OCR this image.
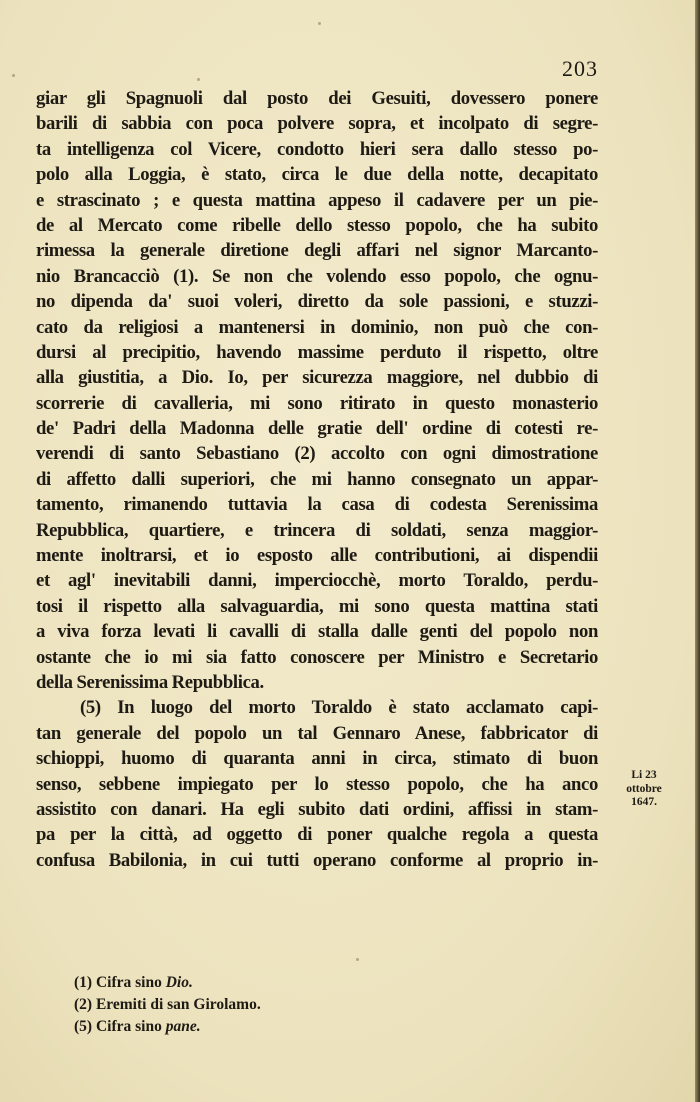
203
giar gli Spagnuoli dal posto dei Gesuiti, dovessero ponere
barili di sabbia con poca polvere sopra, et incolpato di segre-
ta intelligenza col Vicere, condotto hieri sera dallo stesso po-
polo alla Loggia, è stato, circa le due della notte, decapitato
e strascinato ; e questa mattina appeso il cadavere per un pie-
de al Mercato come ribelle dello stesso popolo, che ha subito
rimessa la generale diretione degli affari nel signor Marcanto-
nio Brancacciò (1). Se non che volendo esso popolo, che ognu-
no dipenda da' suoi voleri, diretto da sole passioni, e stuzzi-
cato da religiosi a mantenersi in dominio, non può che con-
dursi al precipitio, havendo massime perduto il rispetto, oltre
alla giustitia, a Dio. Io, per sicurezza maggiore, nel dubbio di
scorrerie di cavalleria, mi sono ritirato in questo monasterio
de' Padri della Madonna delle gratie dell' ordine di cotesti re-
verendi di santo Sebastiano (2) accolto con ogni dimostratione
di affetto dalli superiori, che mi hanno consegnato un appar-
tamento, rimanendo tuttavia la casa di codesta Serenissima
Repubblica, quartiere, e trincera di soldati, senza maggior-
mente inoltrarsi, et io esposto alle contributioni, ai dispendii
et agl' inevitabili danni, imperciocchè, morto Toraldo, perdu-
tosi il rispetto alla salvaguardia, mi sono questa mattina stati
a viva forza levati li cavalli di stalla dalle genti del popolo non
ostante che io mi sia fatto conoscere per Ministro e Secretario
della Serenissima Repubblica.
(5) In luogo del morto Toraldo è stato acclamato capi-
tan generale del popolo un tal Gennaro Anese, fabbricator di
schioppi, huomo di quaranta anni in circa, stimato di buon
senso, sebbene impiegato per lo stesso popolo, che ha anco
assistito con danari. Ha egli subito dati ordini, affissi in stam-
pa per la città, ad oggetto di poner qualche regola a questa
confusa Babilonia, in cui tutti operano conforme al proprio in-
Li 23
ottobre
1647.
(1) Cifra sino Dio.
(2) Eremiti di san Girolamo.
(5) Cifra sino pane.
